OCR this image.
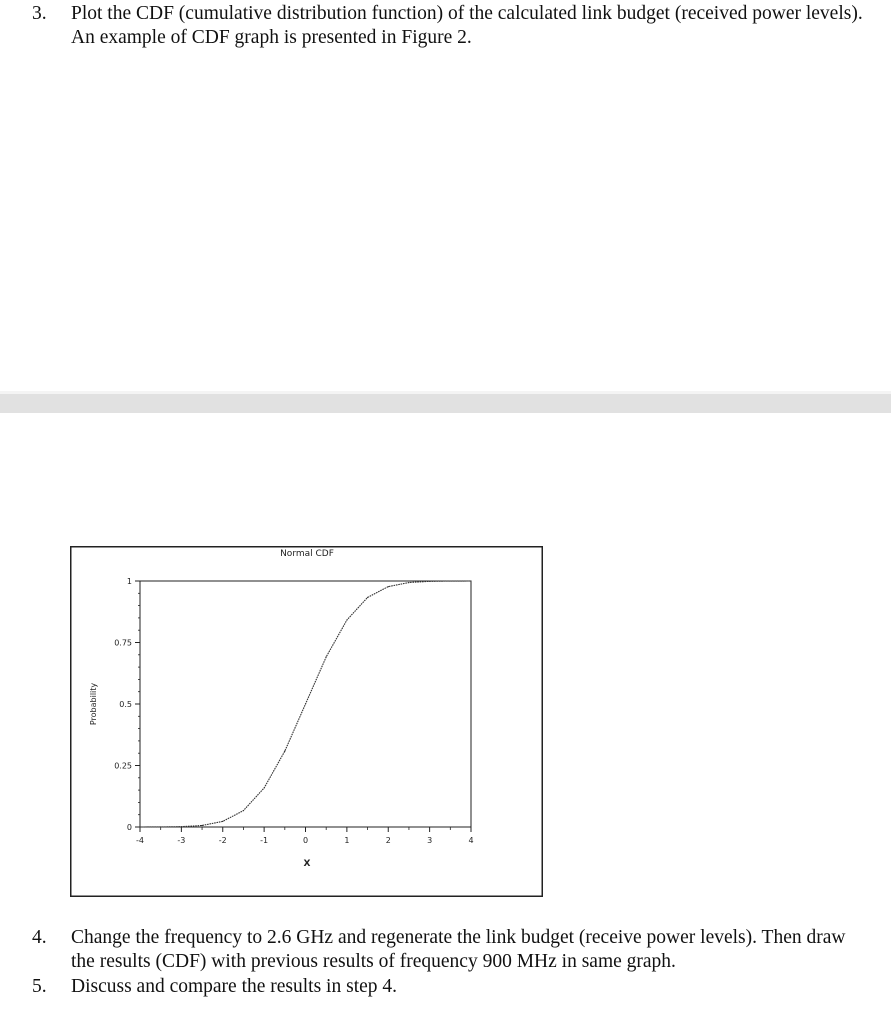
3.	Plot the CDF (cumulative distribution function) of the calculated link budget (received power levels). An example of CDF graph is presented in Figure 2.
Normal CDF
X
Probability
0
0.25
0.5
0.75
1
-4	-3	-2	-1	0	1	2	3	4
4.	Change the frequency to 2.6 GHz and regenerate the link budget (receive power levels). Then draw the results (CDF) with previous results of frequency 900 MHz in same graph.
5.	Discuss and compare the results in step 4.
